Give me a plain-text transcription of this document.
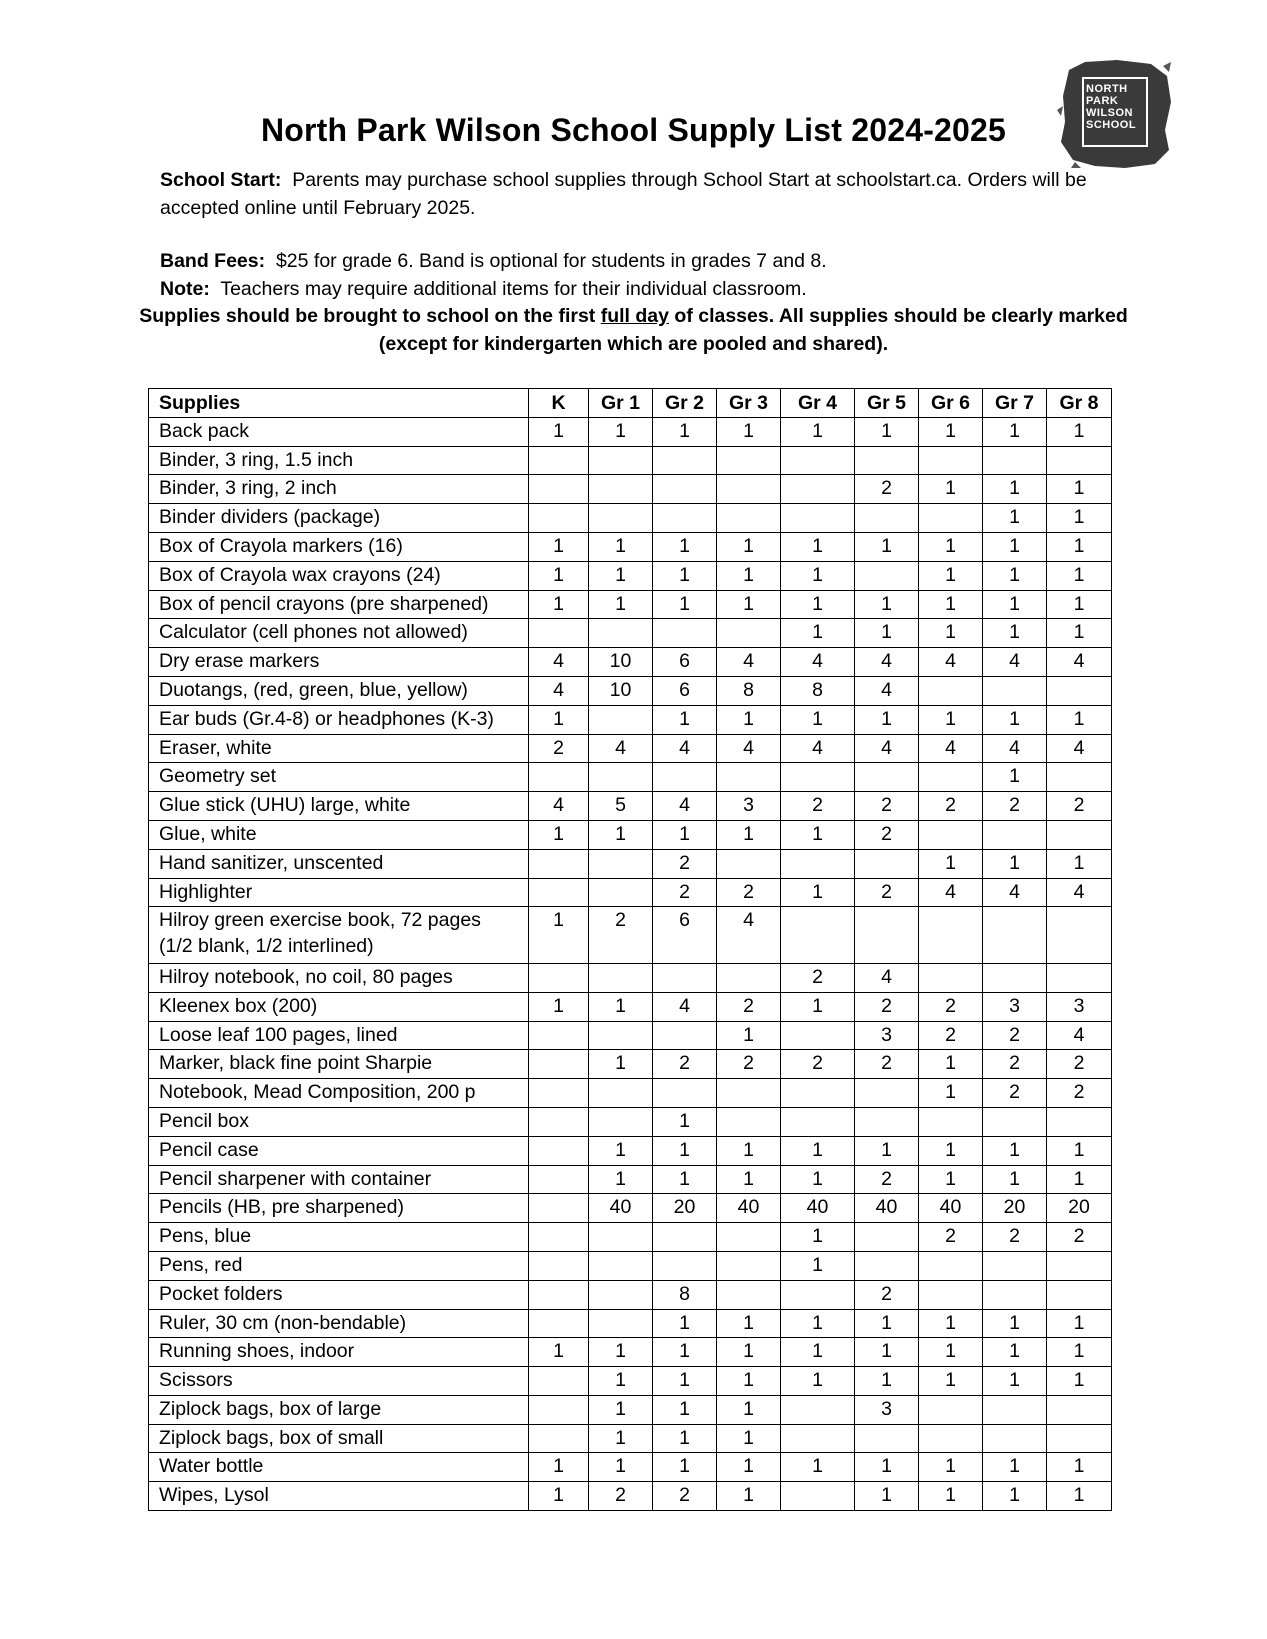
North Park Wilson School Supply List 2024-2025
NORTH
PARK
WILSON
SCHOOL
School Start: Parents may purchase school supplies through School Start at schoolstart.ca. Orders will be accepted online until February 2025.
Band Fees: $25 for grade 6. Band is optional for students in grades 7 and 8.
Note: Teachers may require additional items for their individual classroom.
Supplies should be brought to school on the first full day of classes. All supplies should be clearly marked (except for kindergarten which are pooled and shared).
Supplies	K	Gr 1	Gr 2	Gr 3	Gr 4	Gr 5	Gr 6	Gr 7	Gr 8

Back pack	1	1	1	1	1	1	1	1	1

Binder, 3 ring, 1.5 inch									

Binder, 3 ring, 2 inch						2	1	1	1

Binder dividers (package)								1	1

Box of Crayola markers (16)	1	1	1	1	1	1	1	1	1

Box of Crayola wax crayons (24)	1	1	1	1	1		1	1	1

Box of pencil crayons (pre sharpened)	1	1	1	1	1	1	1	1	1

Calculator (cell phones not allowed)					1	1	1	1	1

Dry erase markers	4	10	6	4	4	4	4	4	4

Duotangs, (red, green, blue, yellow)	4	10	6	8	8	4			

Ear buds (Gr.4-8) or headphones (K-3)	1		1	1	1	1	1	1	1

Eraser, white	2	4	4	4	4	4	4	4	4

Geometry set								1	

Glue stick (UHU) large, white	4	5	4	3	2	2	2	2	2

Glue, white	1	1	1	1	1	2			

Hand sanitizer, unscented			2				1	1	1

Highlighter			2	2	1	2	4	4	4

Hilroy green exercise book, 72 pages
(1/2 blank, 1/2 interlined)	1	2	6	4					

Hilroy notebook, no coil, 80 pages					2	4			

Kleenex box (200)	1	1	4	2	1	2	2	3	3

Loose leaf 100 pages, lined				1		3	2	2	4

Marker, black fine point Sharpie		1	2	2	2	2	1	2	2

Notebook, Mead Composition, 200 p							1	2	2

Pencil box			1						

Pencil case		1	1	1	1	1	1	1	1

Pencil sharpener with container		1	1	1	1	2	1	1	1

Pencils (HB, pre sharpened)		40	20	40	40	40	40	20	20

Pens, blue					1		2	2	2

Pens, red					1				

Pocket folders			8			2			

Ruler, 30 cm (non-bendable)			1	1	1	1	1	1	1

Running shoes, indoor	1	1	1	1	1	1	1	1	1

Scissors		1	1	1	1	1	1	1	1

Ziplock bags, box of large		1	1	1		3			

Ziplock bags, box of small		1	1	1					

Water bottle	1	1	1	1	1	1	1	1	1

Wipes, Lysol	1	2	2	1		1	1	1	1
